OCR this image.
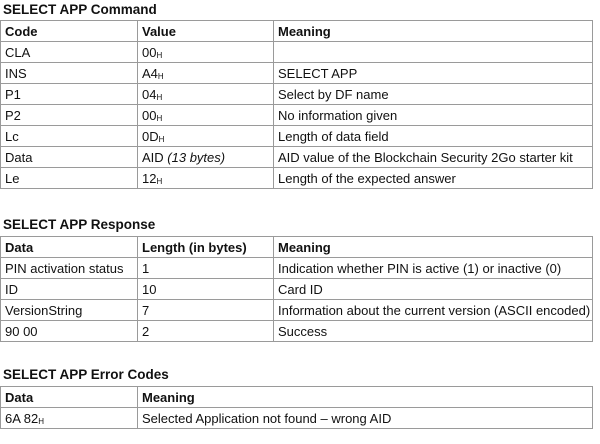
SELECT APP Command
Code	Value	Meaning
CLA	$00_H$	
INS	$A4_H$	SELECT APP
P1	$04_H$	Select by DF name
P2	$00_H$	No information given
Lc	$0D_H$	Length of data field
Data	AID (13 bytes)	AID value of the Blockchain Security 2Go starter kit
Le	$12_H$	Length of the expected answer
SELECT APP Response
Data	Length (in bytes)	Meaning
PIN activation status	1	Indication whether PIN is active (1) or inactive (0)
ID	10	Card ID
VersionString	7	Information about the current version (ASCII encoded)
90 00	2	Success
SELECT APP Error Codes
Data	Meaning
6A $82_H$	Selected Application not found – wrong AID
